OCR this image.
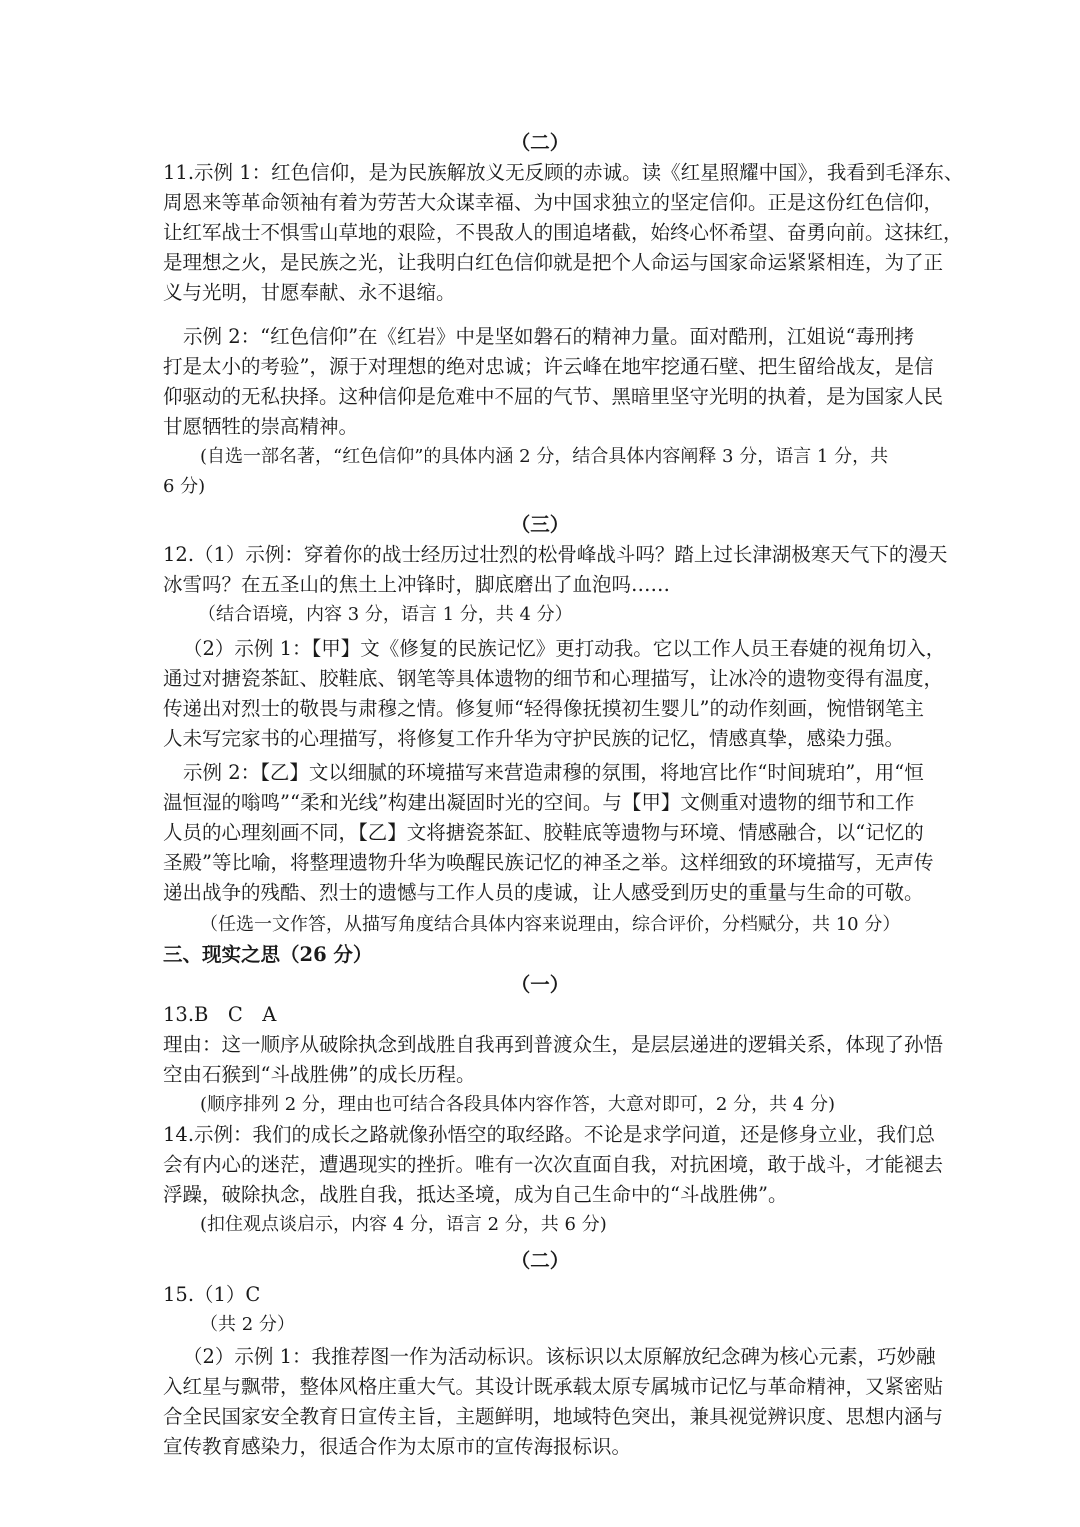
（二）
11.示例 1：红色信仰，是为民族解放义无反顾的赤诚。读《红星照耀中国》，我看到毛泽东、
周恩来等革命领袖有着为劳苦大众谋幸福、为中国求独立的坚定信仰。正是这份红色信仰，
让红军战士不惧雪山草地的艰险，不畏敌人的围追堵截，始终心怀希望、奋勇向前。这抹红，
是理想之火，是民族之光，让我明白红色信仰就是把个人命运与国家命运紧紧相连，为了正
义与光明，甘愿奉献、永不退缩。
示例 2：“红色信仰”在《红岩》中是坚如磐石的精神力量。面对酷刑，江姐说“毒刑拷
打是太小的考验”，源于对理想的绝对忠诚；许云峰在地牢挖通石壁、把生留给战友，是信
仰驱动的无私抉择。这种信仰是危难中不屈的气节、黑暗里坚守光明的执着，是为国家人民
甘愿牺牲的崇高精神。
(自选一部名著，“红色信仰”的具体内涵 2 分，结合具体内容阐释 3 分，语言 1 分，共
6 分)
（三）
12.（1）示例：穿着你的战士经历过壮烈的松骨峰战斗吗？踏上过长津湖极寒天气下的漫天
冰雪吗？在五圣山的焦土上冲锋时，脚底磨出了血泡吗……
（结合语境，内容 3 分，语言 1 分，共 4 分）
（2）示例 1：【甲】文《修复的民族记忆》更打动我。它以工作人员王春婕的视角切入，
通过对搪瓷茶缸、胶鞋底、钢笔等具体遗物的细节和心理描写，让冰冷的遗物变得有温度，
传递出对烈士的敬畏与肃穆之情。修复师“轻得像抚摸初生婴儿”的动作刻画，惋惜钢笔主
人未写完家书的心理描写，将修复工作升华为守护民族的记忆，情感真挚，感染力强。
示例 2：【乙】文以细腻的环境描写来营造肃穆的氛围，将地宫比作“时间琥珀”，用“恒
温恒湿的嗡鸣”“柔和光线”构建出凝固时光的空间。与【甲】文侧重对遗物的细节和工作
人员的心理刻画不同，【乙】文将搪瓷茶缸、胶鞋底等遗物与环境、情感融合，以“记忆的
圣殿”等比喻，将整理遗物升华为唤醒民族记忆的神圣之举。这样细致的环境描写，无声传
递出战争的残酷、烈士的遗憾与工作人员的虔诚，让人感受到历史的重量与生命的可敬。
（任选一文作答，从描写角度结合具体内容来说理由，综合评价，分档赋分，共 10 分）
三、现实之思（26 分）
（一）
13.B　C　A
理由：这一顺序从破除执念到战胜自我再到普渡众生，是层层递进的逻辑关系，体现了孙悟
空由石猴到“斗战胜佛”的成长历程。
(顺序排列 2 分，理由也可结合各段具体内容作答，大意对即可，2 分，共 4 分)
14.示例：我们的成长之路就像孙悟空的取经路。不论是求学问道，还是修身立业，我们总
会有内心的迷茫，遭遇现实的挫折。唯有一次次直面自我，对抗困境，敢于战斗，才能褪去
浮躁，破除执念，战胜自我，抵达圣境，成为自己生命中的“斗战胜佛”。
(扣住观点谈启示，内容 4 分，语言 2 分，共 6 分)
（二）
15.（1）C
（共 2 分）
（2）示例 1：我推荐图一作为活动标识。该标识以太原解放纪念碑为核心元素，巧妙融
入红星与飘带，整体风格庄重大气。其设计既承载太原专属城市记忆与革命精神，又紧密贴
合全民国家安全教育日宣传主旨，主题鲜明，地域特色突出，兼具视觉辨识度、思想内涵与
宣传教育感染力，很适合作为太原市的宣传海报标识。
